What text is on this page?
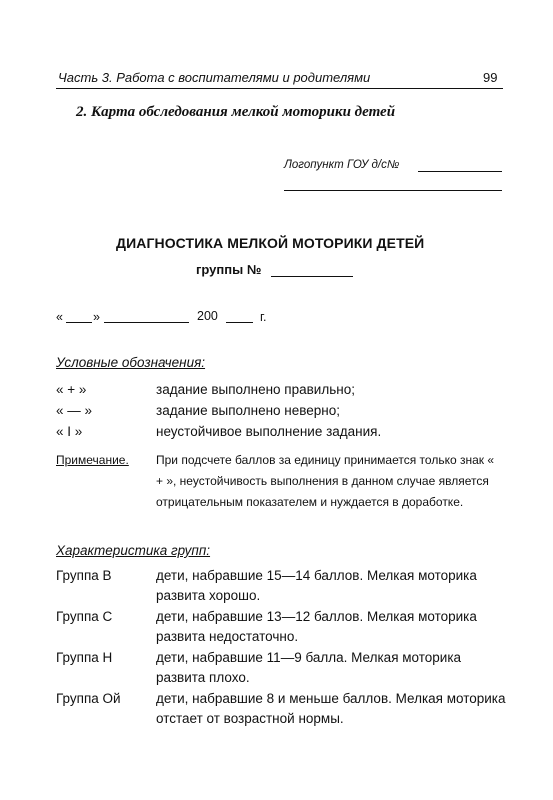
Часть 3. Работа с воспитателями и родителями	99
2. Карта обследования мелкой моторики детей
Логопункт ГОУ д/с№
ДИАГНОСТИКА МЕЛКОЙ МОТОРИКИ ДЕТЕЙ
группы №
« »	200	г.
Условные обозначения:
« + »	задание выполнено правильно;
« — »	задание выполнено неверно;
« I »	неустойчивое выполнение задания.
Примечание. При подсчете баллов за единицу принимается только знак « + », неустойчивость выполнения в данном случае является отрицательным показателем и нуждается в доработке.
Характеристика групп:
Группа В	дети, набравшие 15—14 баллов. Мелкая моторика развита хорошо.
Группа С	дети, набравшие 13—12 баллов. Мелкая моторика развита недостаточно.
Группа Н	дети, набравшие 11—9 балла. Мелкая моторика развита плохо.
Группа Ой	дети, набравшие 8 и меньше баллов. Мелкая моторика отстает от возрастной нормы.
